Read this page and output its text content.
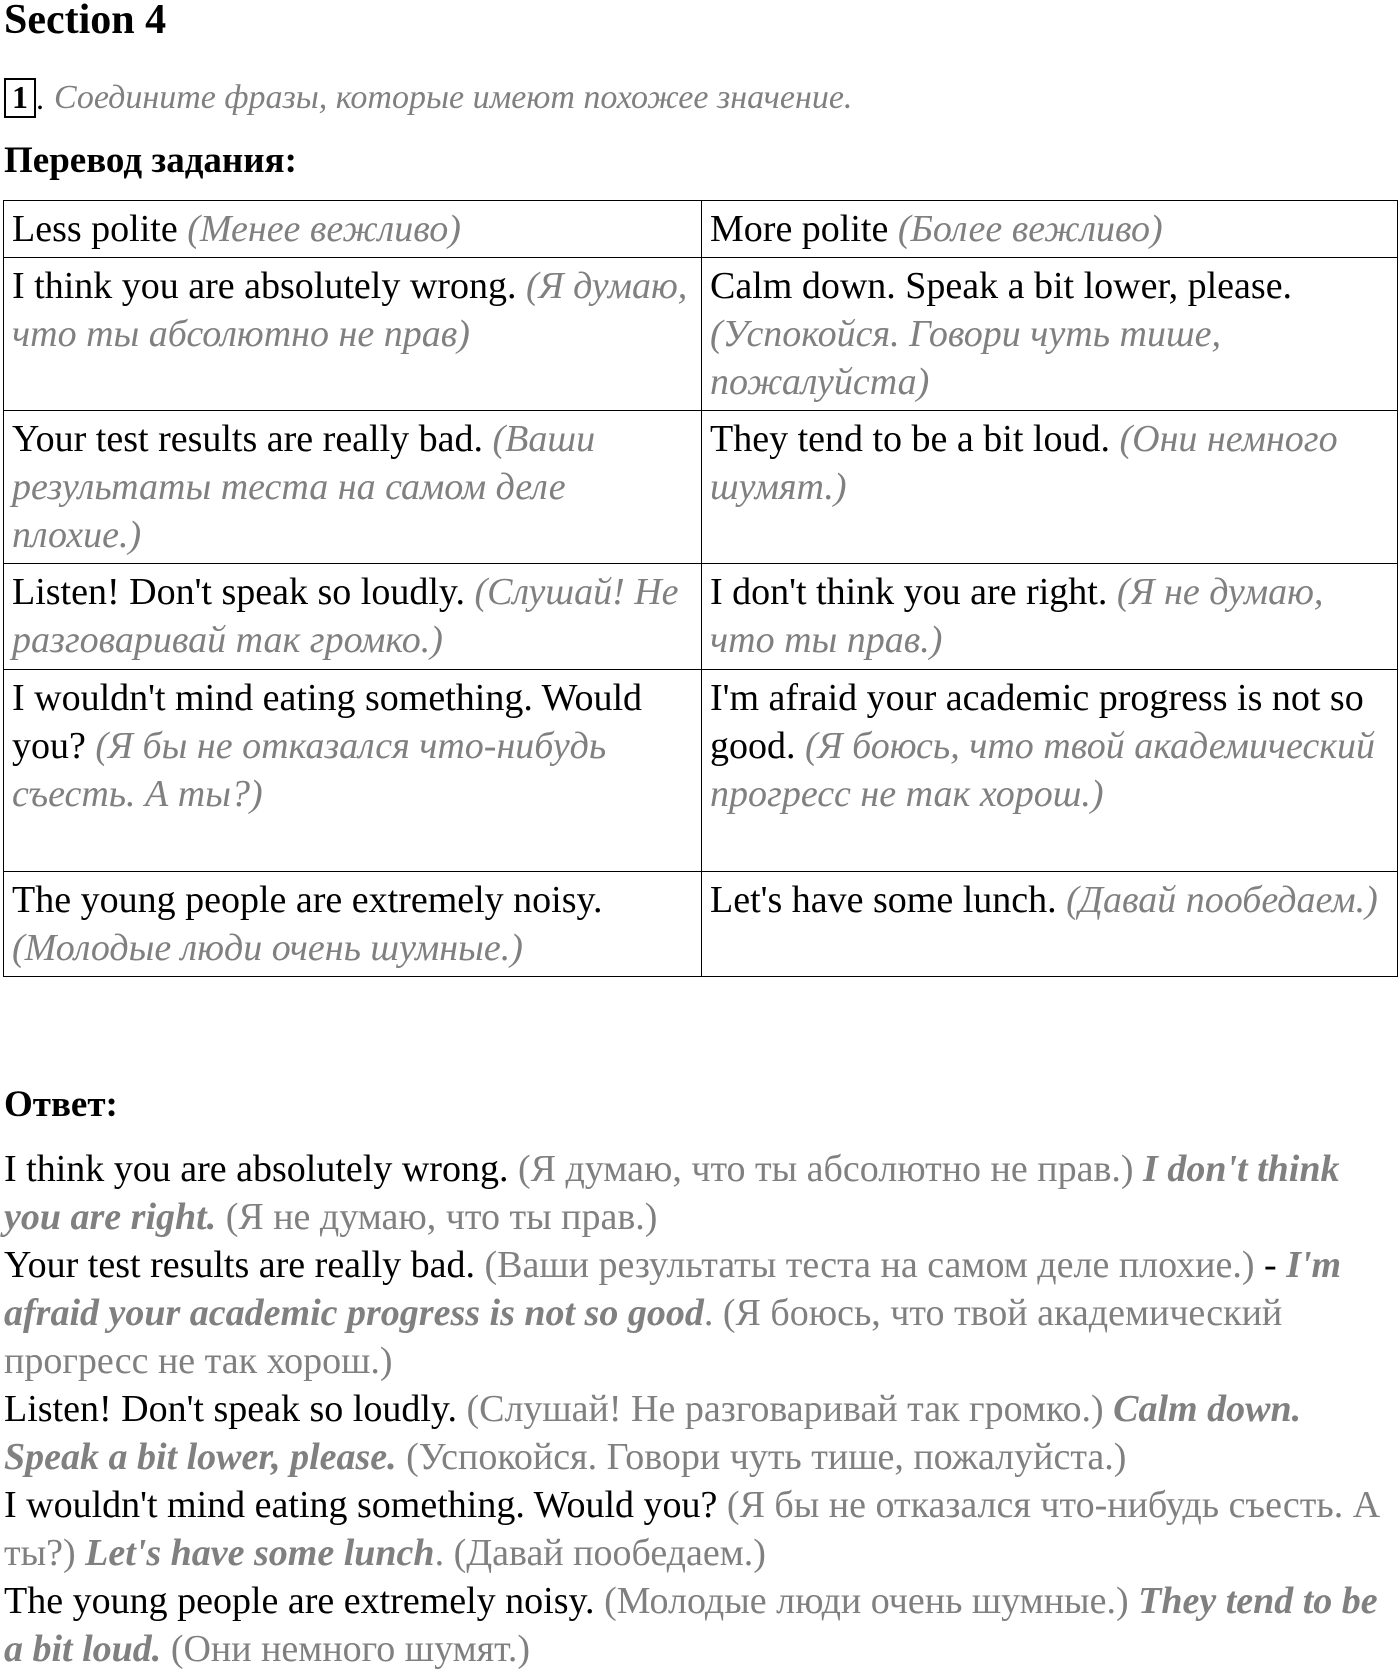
Section 4
1 . Соедините фразы, которые имеют похожее значение.
Перевод задания:
Less polite (Менее вежливо)	More polite (Более вежливо)
I think you are absolutely wrong. (Я думаю, что ты абсолютно не прав)	Calm down. Speak a bit lower, please. (Успокойся. Говори чуть тише, пожалуйста)
Your test results are really bad. (Ваши результаты теста на самом деле плохие.)	They tend to be a bit loud. (Они немного шумят.)
Listen! Don't speak so loudly. (Слушай! Не разговаривай так громко.)	I don't think you are right. (Я не думаю, что ты прав.)
I wouldn't mind eating something. Would you? (Я бы не отказался что-нибудь съесть. А ты?)	I'm afraid your academic progress is not so good. (Я боюсь, что твой академический прогресс не так хорош.)
The young people are extremely noisy. (Молодые люди очень шумные.)	Let's have some lunch. (Давай пообедаем.)
Ответ:

I think you are absolutely wrong. (Я думаю, что ты абсолютно не прав.) I don't think you are right. (Я не думаю, что ты прав.)

Your test results are really bad. (Ваши результаты теста на самом деле плохие.) - I'm afraid your academic progress is not so good. (Я боюсь, что твой академический прогресс не так хорош.)

Listen! Don't speak so loudly. (Слушай! Не разговаривай так громко.) Calm down. Speak a bit lower, please. (Успокойся. Говори чуть тише, пожалуйста.)

I wouldn't mind eating something. Would you? (Я бы не отказался что-нибудь съесть. А ты?) Let's have some lunch. (Давай пообедаем.)

The young people are extremely noisy. (Молодые люди очень шумные.) They tend to be a bit loud. (Они немного шумят.)
